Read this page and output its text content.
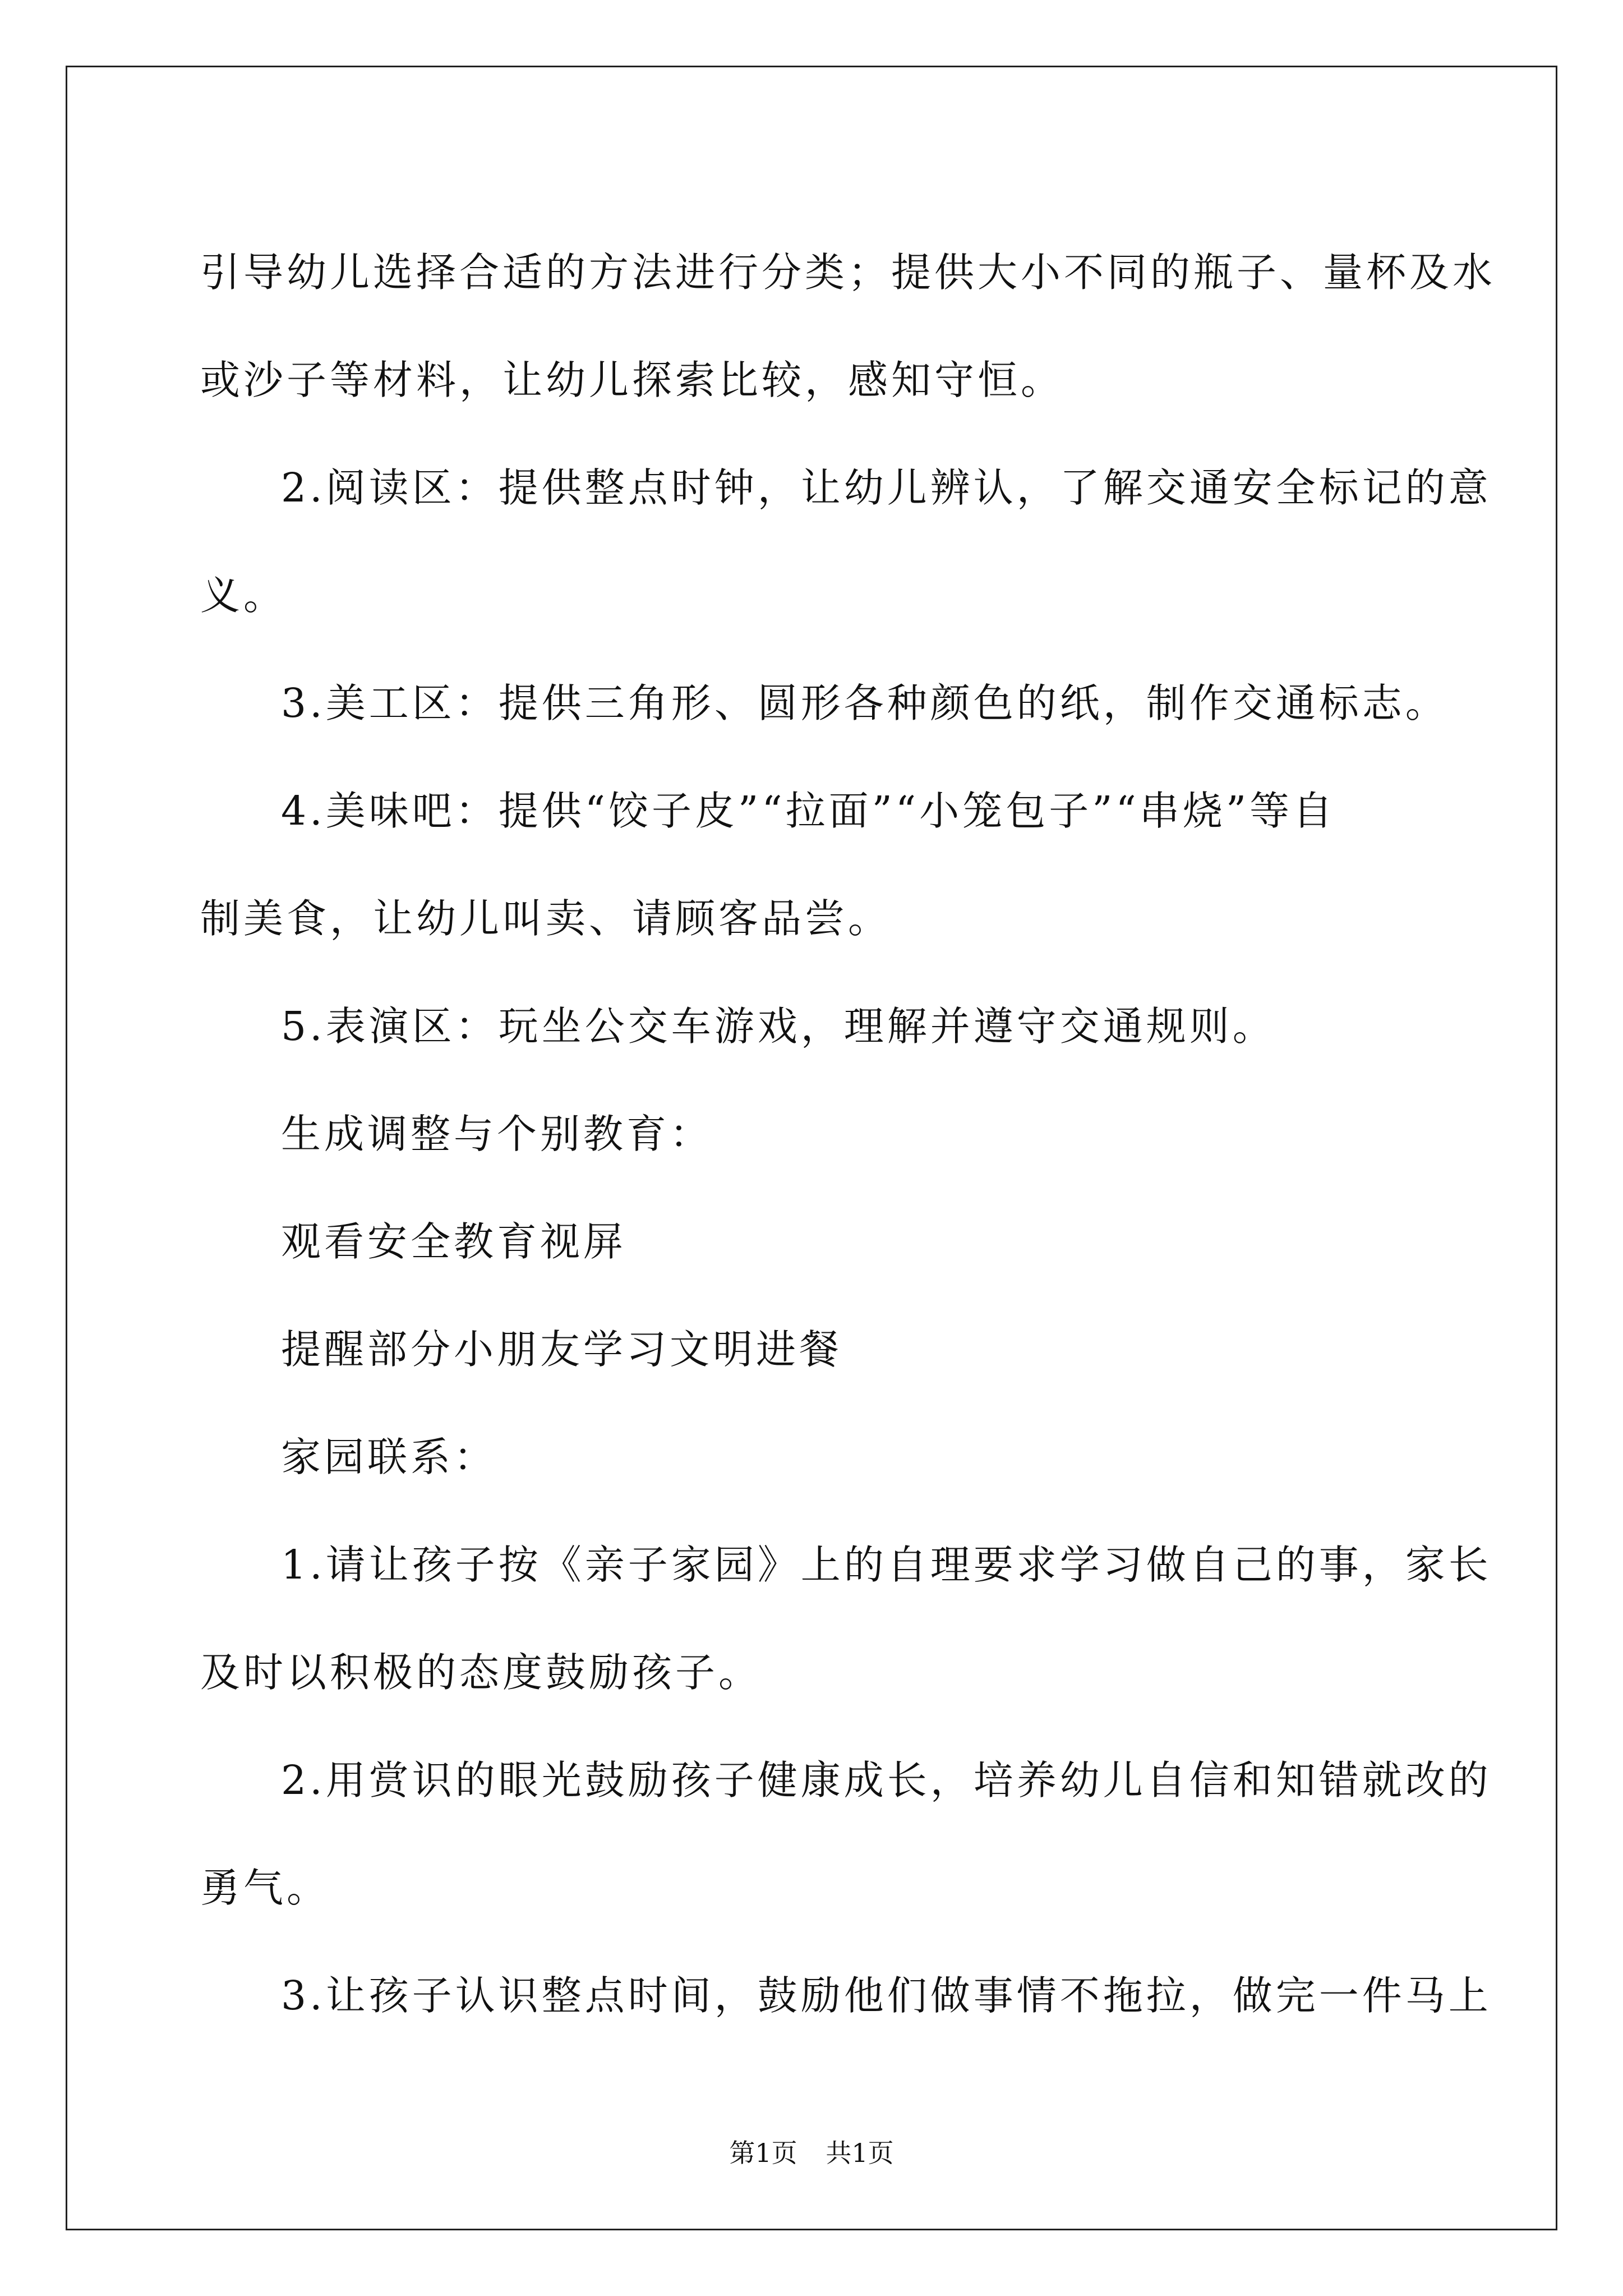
引导幼儿选择合适的方法进行分类；提供大小不同的瓶子、量杯及水

或沙子等材料，让幼儿探索比较，感知守恒。

2.阅读区：提供整点时钟，让幼儿辨认，了解交通安全标记的意

义。

3.美工区：提供三角形、圆形各种颜色的纸，制作交通标志。

4.美味吧：提供“饺子皮”“拉面”“小笼包子”“串烧”等自

制美食，让幼儿叫卖、请顾客品尝。

5.表演区：玩坐公交车游戏，理解并遵守交通规则。

生成调整与个别教育：

观看安全教育视屏

提醒部分小朋友学习文明进餐

家园联系：

1.请让孩子按《亲子家园》上的自理要求学习做自己的事，家长

及时以积极的态度鼓励孩子。

2.用赏识的眼光鼓励孩子健康成长，培养幼儿自信和知错就改的

勇气。

3.让孩子认识整点时间，鼓励他们做事情不拖拉，做完一件马上

第1页 共1页
